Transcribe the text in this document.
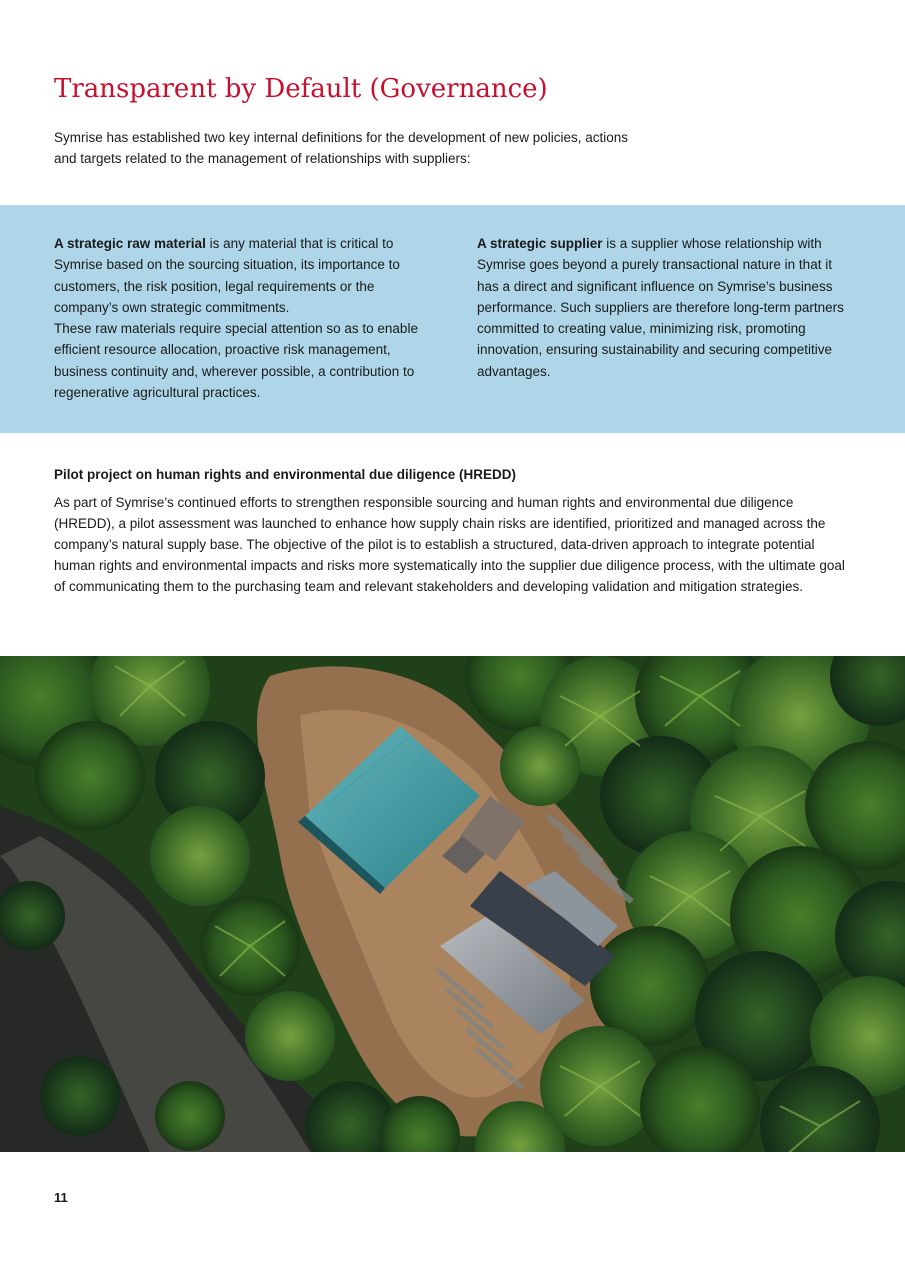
Transparent by Default (Governance)

Symrise has established two key internal definitions for the development of new policies, actions and targets related to the management of relationships with suppliers:

A strategic raw material is any material that is critical to Symrise based on the sourcing situation, its importance to customers, the risk position, legal requirements or the company’s own strategic commitments.
These raw materials require special attention so as to enable efficient resource allocation, proactive risk management, business continuity and, wherever possible, a contribution to regenerative agricultural practices.

A strategic supplier is a supplier whose relationship with Symrise goes beyond a purely transactional nature in that it has a direct and significant influence on Symrise’s business performance. Such suppliers are therefore long-term partners committed to creating value, minimizing risk, promoting innovation, ensuring sustainability and securing competitive advantages.

Pilot project on human rights and environmental due diligence (HREDD)

As part of Symrise’s continued efforts to strengthen responsible sourcing and human rights and environmental due diligence (HREDD), a pilot assessment was launched to enhance how supply chain risks are identified, prioritized and managed across the company’s natural supply base. The objective of the pilot is to establish a structured, data-driven approach to integrate potential human rights and environmental impacts and risks more systematically into the supplier due diligence process, with the ultimate goal of communicating them to the purchasing team and relevant stakeholders and developing validation and mitigation strategies.

11
